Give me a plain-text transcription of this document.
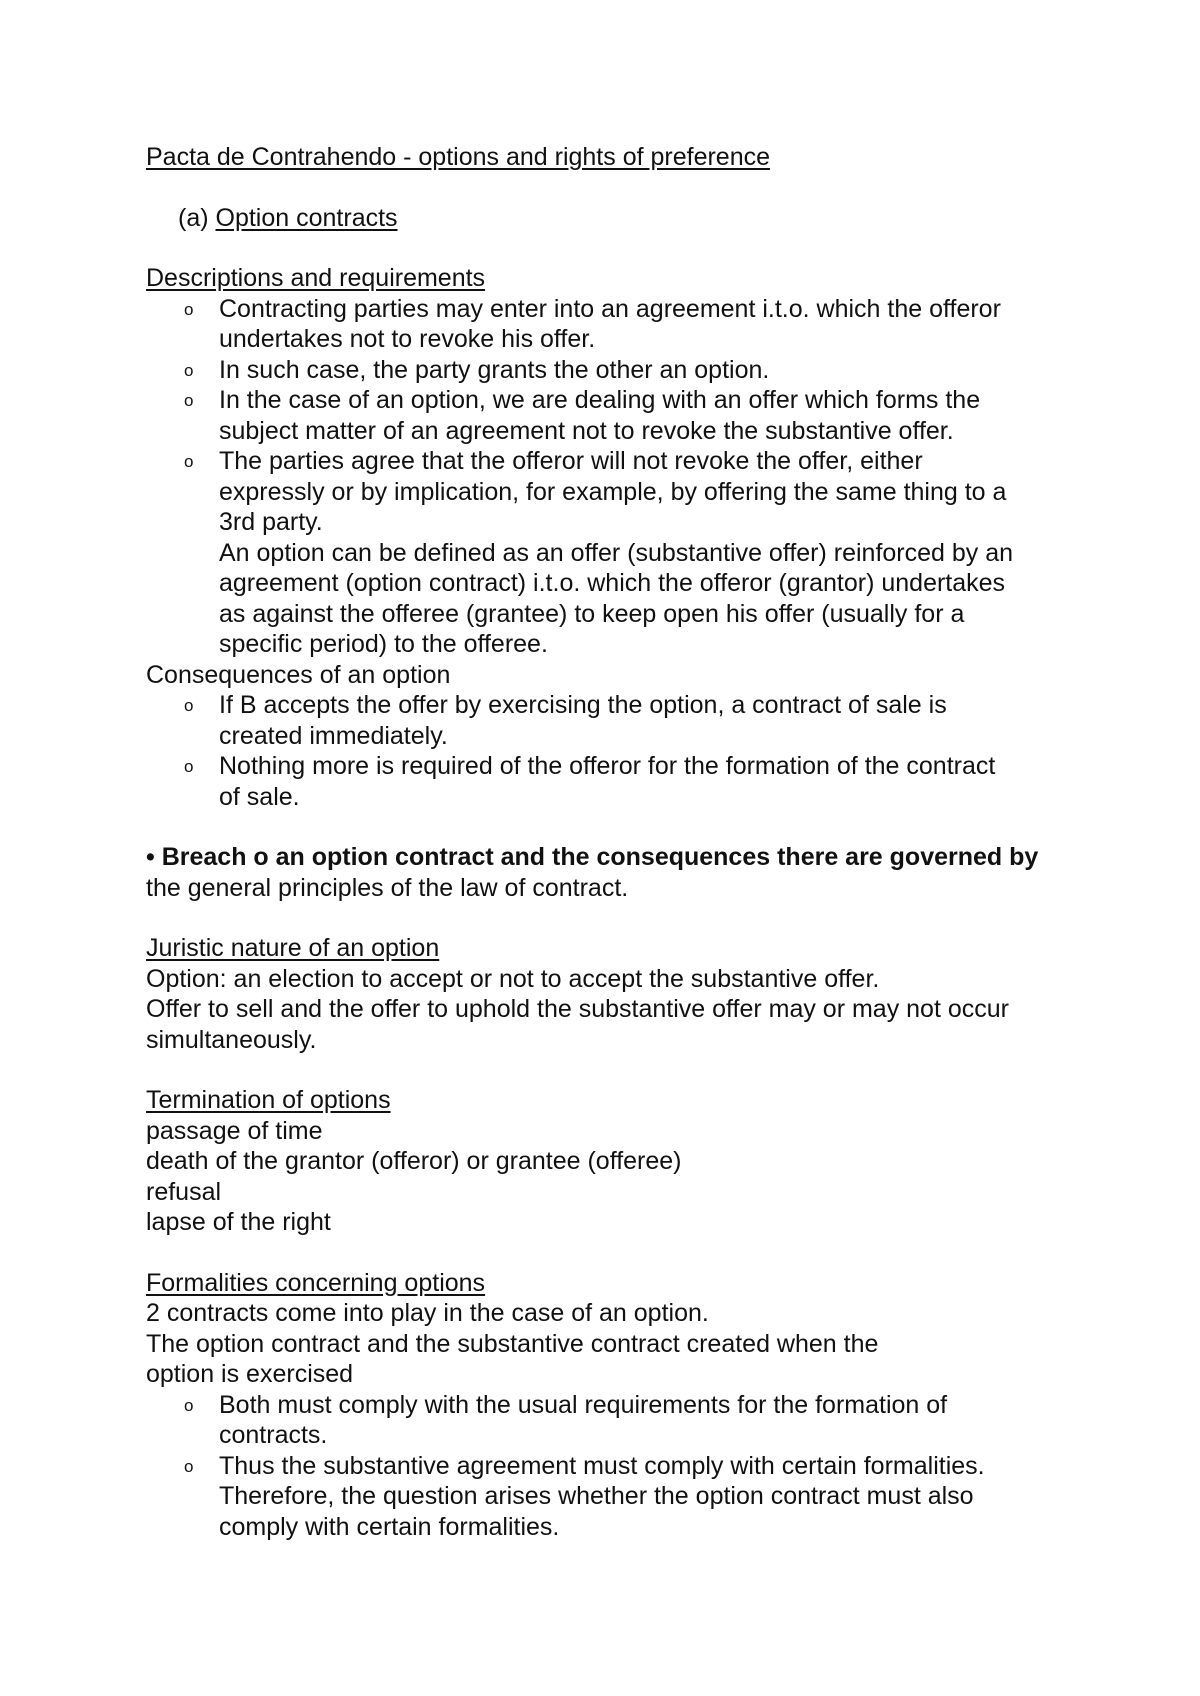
Pacta de Contrahendo - options and rights of preference
(a) Option contracts
Descriptions and requirements
o Contracting parties may enter into an agreement i.t.o. which the offeror
undertakes not to revoke his offer.
o In such case, the party grants the other an option.
o In the case of an option, we are dealing with an offer which forms the
subject matter of an agreement not to revoke the substantive offer.
o The parties agree that the offeror will not revoke the offer, either
expressly or by implication, for example, by offering the same thing to a
3rd party.
An option can be defined as an offer (substantive offer) reinforced by an
agreement (option contract) i.t.o. which the offeror (grantor) undertakes
as against the offeree (grantee) to keep open his offer (usually for a
specific period) to the offeree.
Consequences of an option
o If B accepts the offer by exercising the option, a contract of sale is
created immediately.
o Nothing more is required of the offeror for the formation of the contract
of sale.
• Breach o an option contract and the consequences there are governed by
the general principles of the law of contract.
Juristic nature of an option
Option: an election to accept or not to accept the substantive offer.
Offer to sell and the offer to uphold the substantive offer may or may not occur
simultaneously.
Termination of options
passage of time
death of the grantor (offeror) or grantee (offeree)
refusal
lapse of the right
Formalities concerning options
2 contracts come into play in the case of an option.
The option contract and the substantive contract created when the
option is exercised
o Both must comply with the usual requirements for the formation of
contracts.
o Thus the substantive agreement must comply with certain formalities.
Therefore, the question arises whether the option contract must also
comply with certain formalities.
